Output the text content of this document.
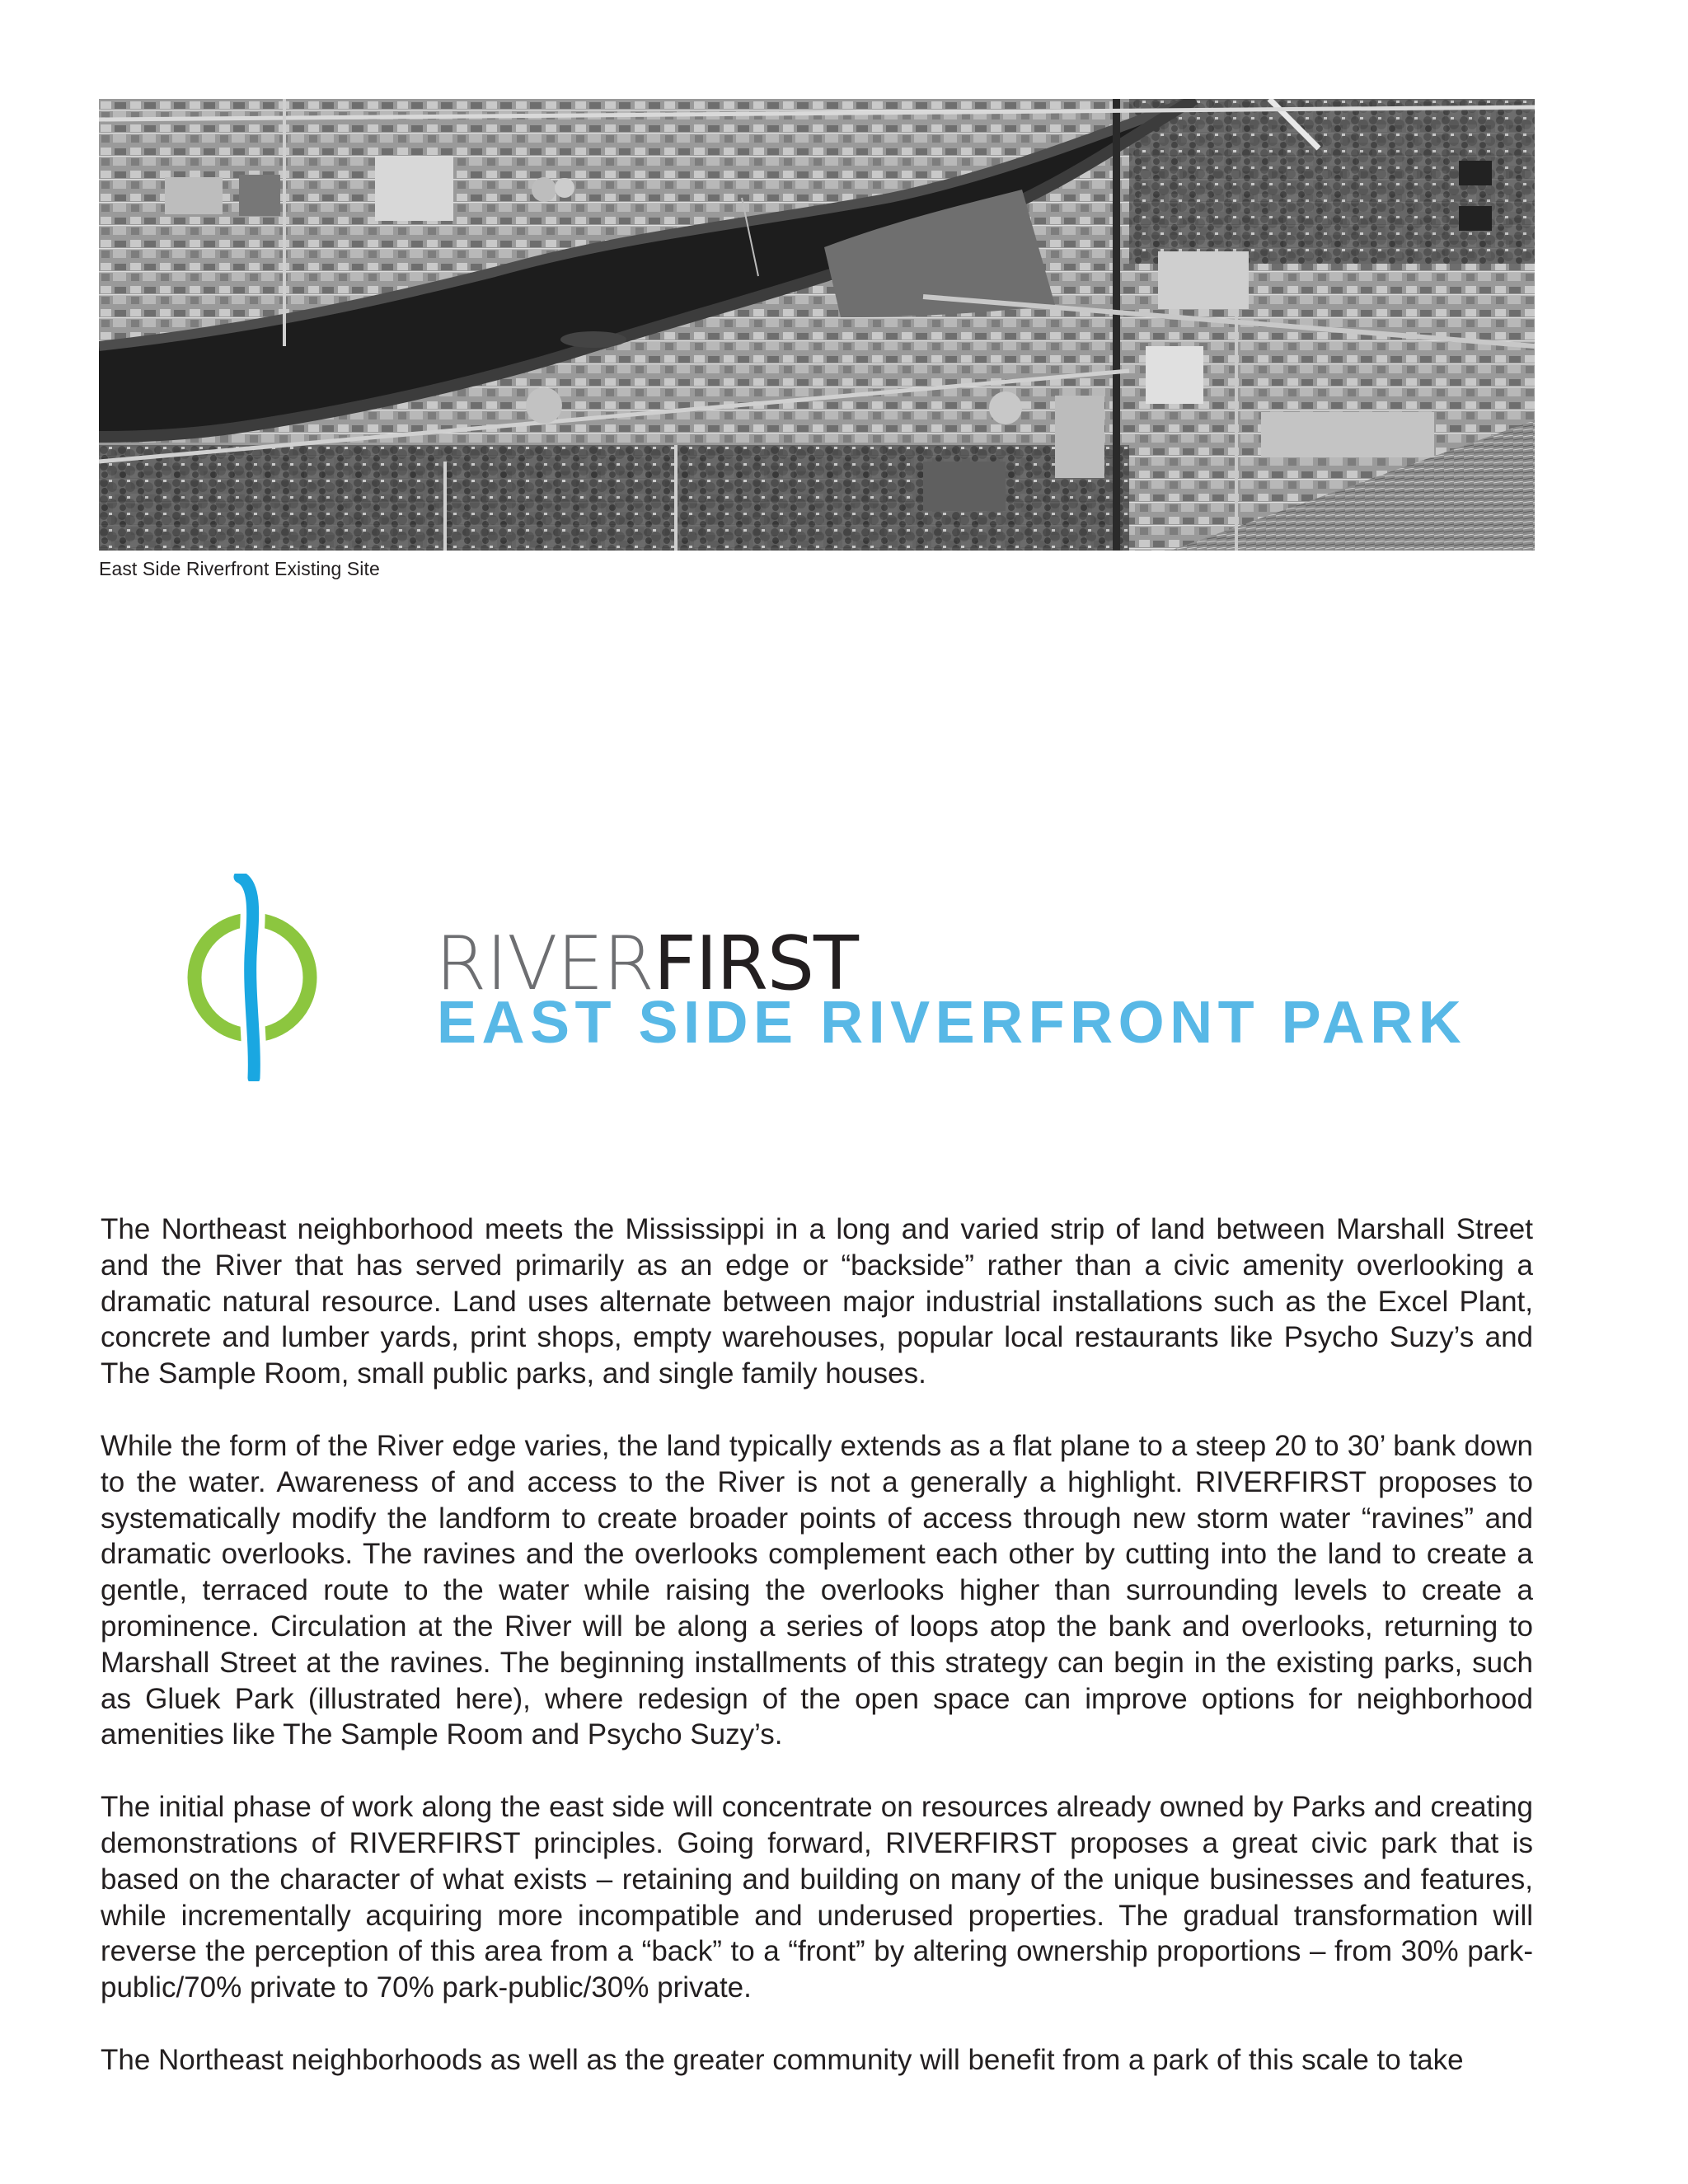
East Side Riverfront Existing Site
RIVERFIRST
EAST SIDE RIVERFRONT PARK

The Northeast neighborhood meets the Mississippi in a long and varied strip of land between Marshall Street and the River that has served primarily as an edge or “backside” rather than a civic amenity overlooking a dramatic natural resource. Land uses alternate between major industrial installations such as the Excel Plant, concrete and lumber yards, print shops, empty warehouses, popular local restaurants like Psycho Suzy’s and The Sample Room, small public parks, and single family houses.

While the form of the River edge varies, the land typically extends as a flat plane to a steep 20 to 30’ bank down to the water. Awareness of and access to the River is not a generally a highlight. RIVERFIRST proposes to systematically modify the landform to create broader points of access through new storm water “ravines” and dramatic overlooks. The ravines and the overlooks complement each other by cutting into the land to create a gentle, terraced route to the water while raising the overlooks higher than surrounding levels to create a prominence. Circulation at the River will be along a series of loops atop the bank and overlooks, returning to Marshall Street at the ravines. The beginning installments of this strategy can begin in the existing parks, such as Gluek Park (illustrated here), where redesign of the open space can improve options for neighborhood amenities like The Sample Room and Psycho Suzy’s.

The initial phase of work along the east side will concentrate on resources already owned by Parks and creating demonstrations of RIVERFIRST principles. Going forward, RIVERFIRST proposes a great civic park that is based on the character of what exists – retaining and building on many of the unique businesses and features, while incrementally acquiring more incompatible and underused properties. The gradual transformation will reverse the perception of this area from a “back” to a “front” by altering ownership proportions – from 30% park-public/70% private to 70% park-public/30% private.

The Northeast neighborhoods as well as the greater community will benefit from a park of this scale to take
